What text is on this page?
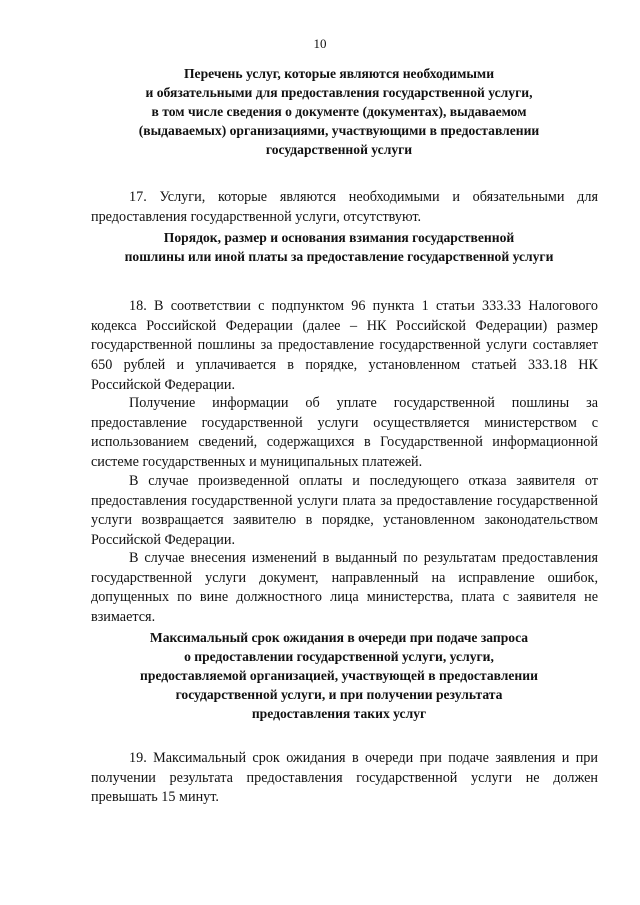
10
Перечень услуг, которые являются необходимыми
и обязательными для предоставления государственной услуги,
в том числе сведения о документе (документах), выдаваемом
(выдаваемых) организациями, участвующими в предоставлении
государственной услуги

17. Услуги, которые являются необходимыми и обязательными для предоставления государственной услуги, отсутствуют.

Порядок, размер и основания взимания государственной
пошлины или иной платы за предоставление государственной услуги

18. В соответствии с подпунктом 96 пункта 1 статьи 333.33 Налогового кодекса Российской Федерации (далее – НК Российской Федерации) размер государственной пошлины за предоставление государственной услуги составляет 650 рублей и уплачивается в порядке, установленном статьей 333.18 НК Российской Федерации.

Получение информации об уплате государственной пошлины за предоставление государственной услуги осуществляется министерством с использованием сведений, содержащихся в Государственной информационной системе государственных и муниципальных платежей.

В случае произведенной оплаты и последующего отказа заявителя от предоставления государственной услуги плата за предоставление государственной услуги возвращается заявителю в порядке, установленном законодательством Российской Федерации.

В случае внесения изменений в выданный по результатам предоставления государственной услуги документ, направленный на исправление ошибок, допущенных по вине должностного лица министерства, плата с заявителя не взимается.

Максимальный срок ожидания в очереди при подаче запроса
о предоставлении государственной услуги, услуги,
предоставляемой организацией, участвующей в предоставлении
государственной услуги, и при получении результата
предоставления таких услуг

19. Максимальный срок ожидания в очереди при подаче заявления и при получении результата предоставления государственной услуги не должен превышать 15 минут.
